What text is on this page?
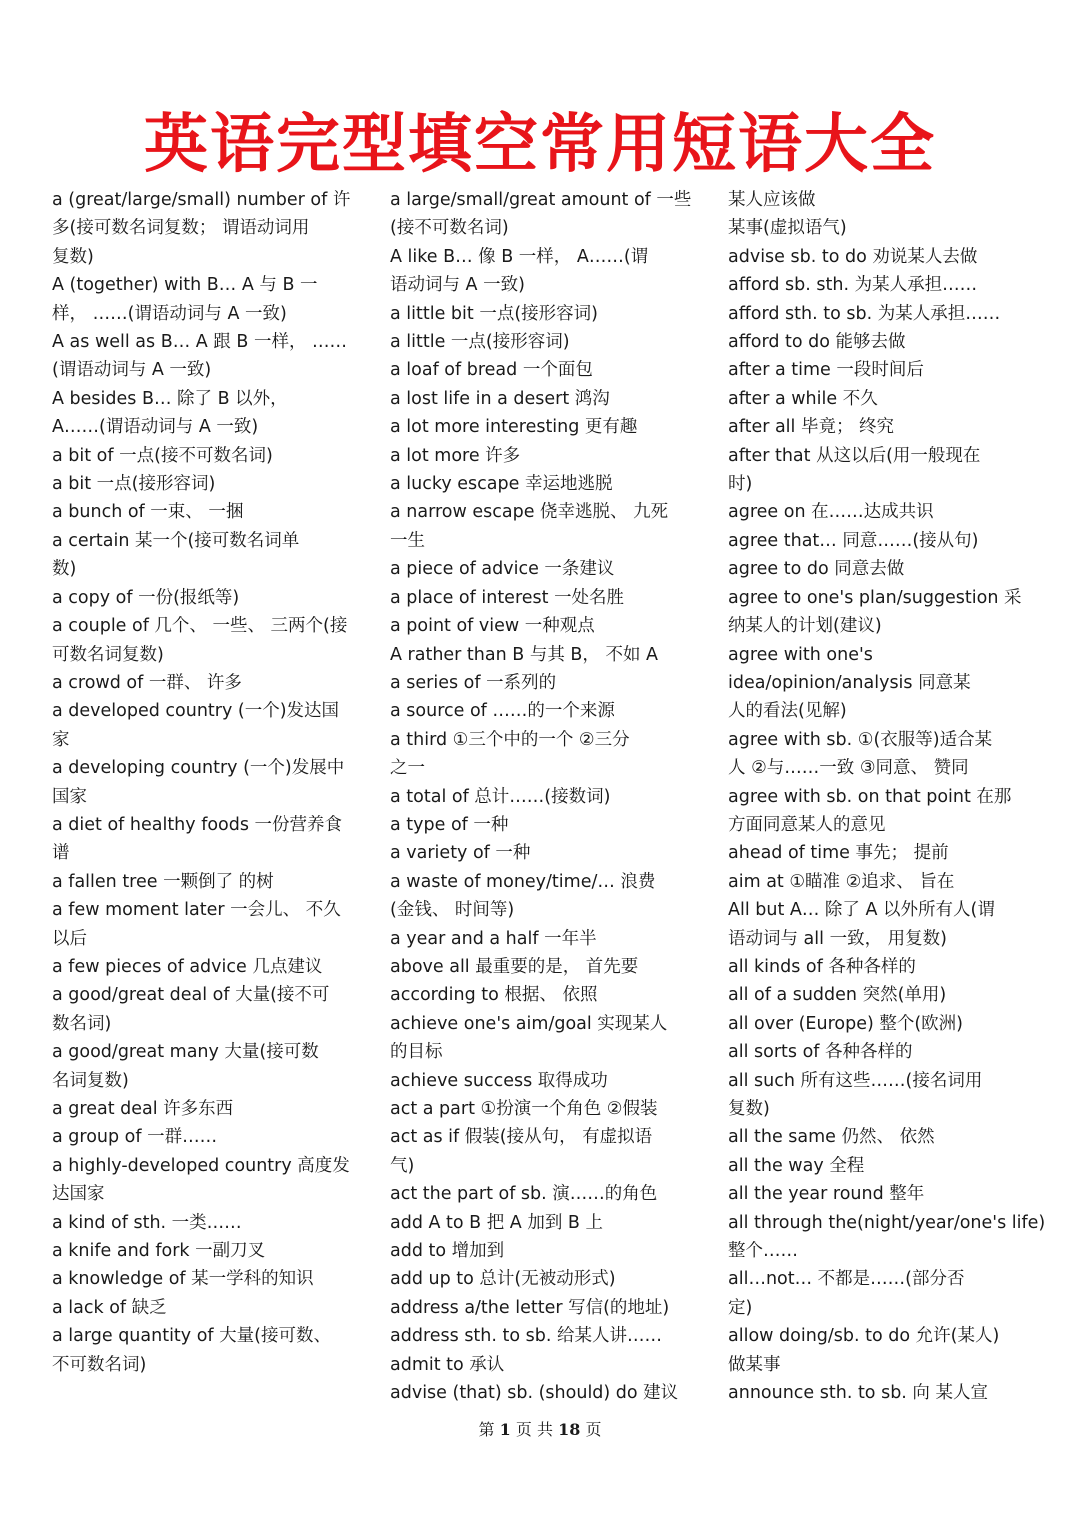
英语完型填空常用短语大全
a (great/large/small) number of 许
多(接可数名词复数； 谓语动词用
复数)
A (together) with B… A 与 B 一
样， ……(谓语动词与 A 一致)
A as well as B… A 跟 B 一样， ……
(谓语动词与 A 一致)
A besides B… 除了 B 以外，
A……(谓语动词与 A 一致)
a bit of 一点(接不可数名词)
a bit 一点(接形容词)
a bunch of 一束、 一捆
a certain 某一个(接可数名词单
数)
a copy of 一份(报纸等)
a couple of 几个、 一些、 三两个(接
可数名词复数)
a crowd of 一群、 许多
a developed country (一个)发达国
家
a developing country (一个)发展中
国家
a diet of healthy foods 一份营养食
谱
a fallen tree 一颗倒了 的树
a few moment later 一会儿、 不久
以后
a few pieces of advice 几点建议
a good/great deal of 大量(接不可
数名词)
a good/great many 大量(接可数
名词复数)
a great deal 许多东西
a group of 一群……
a highly-developed country 高度发
达国家
a kind of sth. 一类……
a knife and fork 一副刀叉
a knowledge of 某一学科的知识
a lack of 缺乏
a large quantity of 大量(接可数、
不可数名词)
a large/small/great amount of 一些
(接不可数名词)
A like B… 像 B 一样， A……(谓
语动词与 A 一致)
a little bit 一点(接形容词)
a little 一点(接形容词)
a loaf of bread 一个面包
a lost life in a desert 鸿沟
a lot more interesting 更有趣
a lot more 许多
a lucky escape 幸运地逃脱
a narrow escape 侥幸逃脱、 九死
一生
a piece of advice 一条建议
a place of interest 一处名胜
a point of view 一种观点
A rather than B 与其 B， 不如 A
a series of 一系列的
a source of ……的一个来源
a third ①三个中的一个 ②三分
之一
a total of 总计……(接数词)
a type of 一种
a variety of 一种
a waste of money/time/… 浪费
(金钱、 时间等)
a year and a half 一年半
above all 最重要的是， 首先要
according to 根据、 依照
achieve one's aim/goal 实现某人
的目标
achieve success 取得成功
act a part ①扮演一个角色 ②假装
act as if 假装(接从句， 有虚拟语
气)
act the part of sb. 演……的角色
add A to B 把 A 加到 B 上
add to 增加到
add up to 总计(无被动形式)
address a/the letter 写信(的地址)
address sth. to sb. 给某人讲……
admit to 承认
advise (that) sb. (should) do 建议
某人应该做
某事(虚拟语气)
advise sb. to do 劝说某人去做
afford sb. sth. 为某人承担……
afford sth. to sb. 为某人承担……
afford to do 能够去做
after a time 一段时间后
after a while 不久
after all 毕竟； 终究
after that 从这以后(用一般现在
时)
agree on 在……达成共识
agree that… 同意……(接从句)
agree to do 同意去做
agree to one's plan/suggestion 采
纳某人的计划(建议)
agree with one's
idea/opinion/analysis 同意某
人的看法(见解)
agree with sb. ①(衣服等)适合某
人 ②与……一致 ③同意、 赞同
agree with sb. on that point 在那
方面同意某人的意见
ahead of time 事先； 提前
aim at ①瞄准 ②追求、 旨在
All but A… 除了 A 以外所有人(谓
语动词与 all 一致， 用复数)
all kinds of 各种各样的
all of a sudden 突然(单用)
all over (Europe) 整个(欧洲)
all sorts of 各种各样的
all such 所有这些……(接名词用
复数)
all the same 仍然、 依然
all the way 全程
all the year round 整年
all through the(night/year/one's life)
整个……
all…not… 不都是……(部分否
定)
allow doing/sb. to do 允许(某人)
做某事
announce sth. to sb. 向 某人宣
第 1 页 共 18 页
